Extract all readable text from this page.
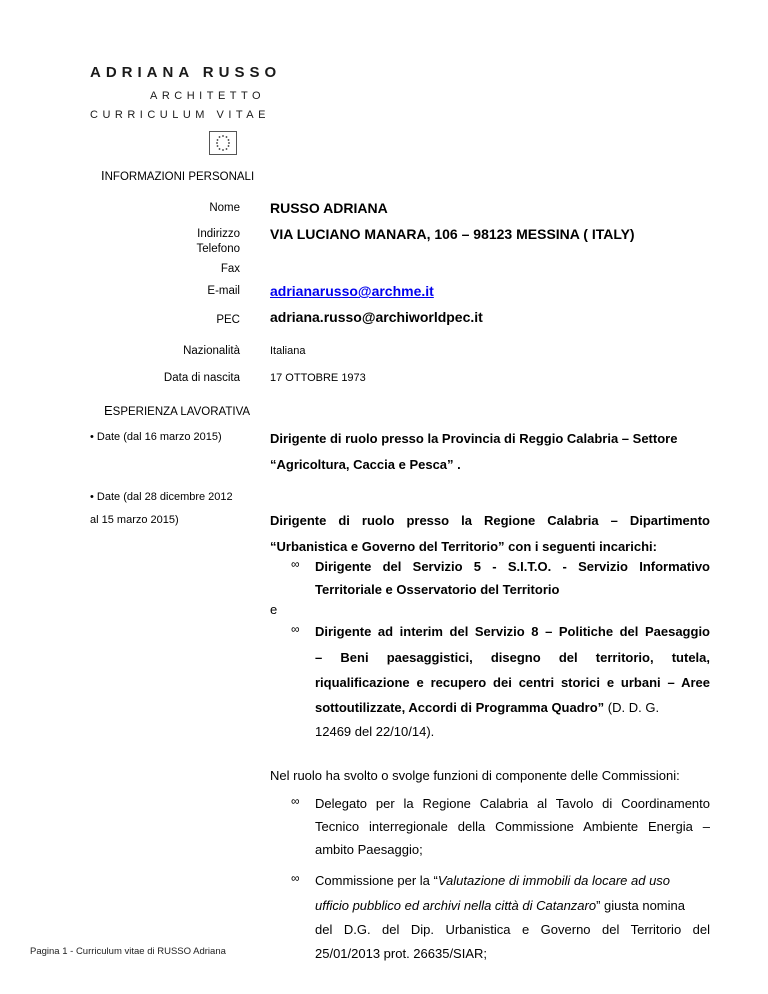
ADRIANA RUSSO
ARCHITETTO
CURRICULUM VITAE
INFORMAZIONI PERSONALI
Nome RUSSO ADRIANA
Indirizzo VIA LUCIANO MANARA, 106 – 98123 MESSINA ( ITALY)
Telefono
Fax
E-mail adrianarusso@archme.it
PEC adriana.russo@archiworldpec.it
Nazionalità	Italiana
Data di nascita	17 OTTOBRE 1973
ESPERIENZA LAVORATIVA
• Date (dal 16 marzo 2015)	Dirigente di ruolo presso la Provincia di Reggio Calabria – Settore
“Agricoltura, Caccia e Pesca” .
• Date (dal 28 dicembre 2012
al 15 marzo 2015)	Dirigente di ruolo presso la Regione Calabria – Dipartimento
“Urbanistica e Governo del Territorio” con i seguenti incarichi:
∞	Dirigente del Servizio 5 - S.I.T.O. - Servizio Informativo
Territoriale e Osservatorio del Territorio
e
∞	Dirigente ad interim del Servizio 8 – Politiche del Paesaggio
– Beni paesaggistici, disegno del territorio, tutela,
riqualificazione e recupero dei centri storici e urbani – Aree
sottoutilizzate, Accordi di Programma Quadro” (D. D. G.
12469 del 22/10/14).
Nel ruolo ha svolto o svolge funzioni di componente delle Commissioni:
∞	Delegato per la Regione Calabria al Tavolo di Coordinamento
Tecnico interregionale della Commissione Ambiente Energia –
ambito Paesaggio;
∞	Commissione per la “Valutazione di immobili da locare ad uso
ufficio pubblico ed archivi nella città di Catanzaro” giusta nomina
del D.G. del Dip. Urbanistica e Governo del Territorio del
25/01/2013 prot. 26635/SIAR;
Pagina 1 - Curriculum vitae di RUSSO Adriana
